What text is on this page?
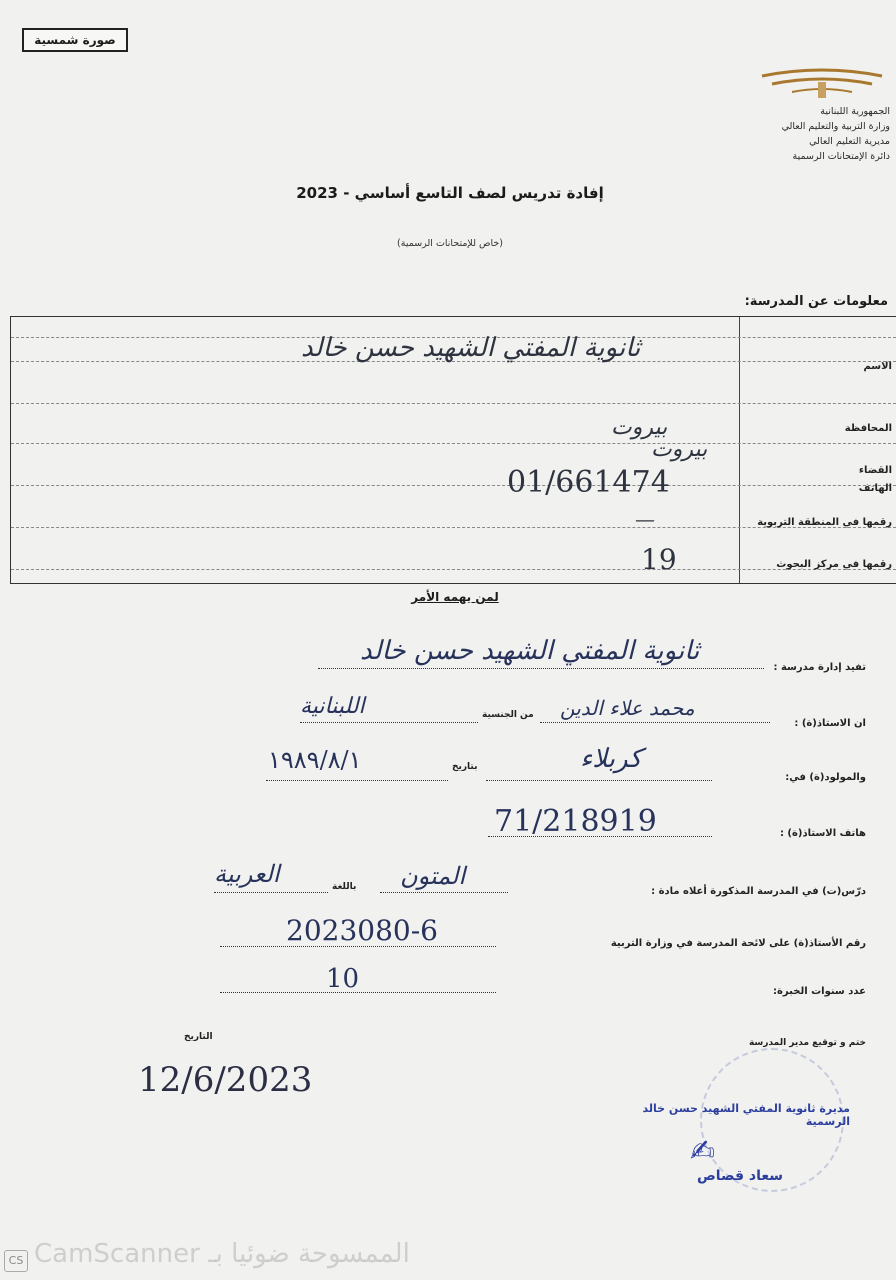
صورة شمسية
الجمهورية اللبنانية
وزارة التربية والتعليم العالي
مديرية التعليم العالي
دائرة الإمتحانات الرسمية
إفادة تدريس لصف التاسع أساسي - 2023
(خاص للإمتحانات الرسمية)
معلومات عن المدرسة:
الاسم
ثانوية المفتي الشهيد حسن خالد
المحافظة
بيروت
القضاء
بيروت
الهاتف
01/661474
رقمها في المنطقة التربوية
—
رقمها في مركز البحوث
19
لمن يهمه الأمر
تفيد إدارة مدرسة :
ثانوية المفتي الشهيد حسن خالد
ان الاستاذ(ة) :
محمد علاء الدين
من الجنسية
اللبنانية
والمولود(ة) في:
كربلاء
بتاريخ
١٩٨٩/٨/١
هاتف الاستاذ(ة) :
71/218919
درّس(ت) في المدرسة المذكورة أعلاه مادة :
المتون
باللغة
العربية
رقم الأستاذ(ة) على لائحة المدرسة في وزارة التربية
2023080-6
عدد سنوات الخبرة:
10
ختم و توقيع مدير المدرسة
التاريخ
12/6/2023
مديرة ثانوية المفتي الشهيد حسن خالد الرسمية
✍
سعاد قصاص
CS CamScanner الممسوحة ضوئيا بـ
